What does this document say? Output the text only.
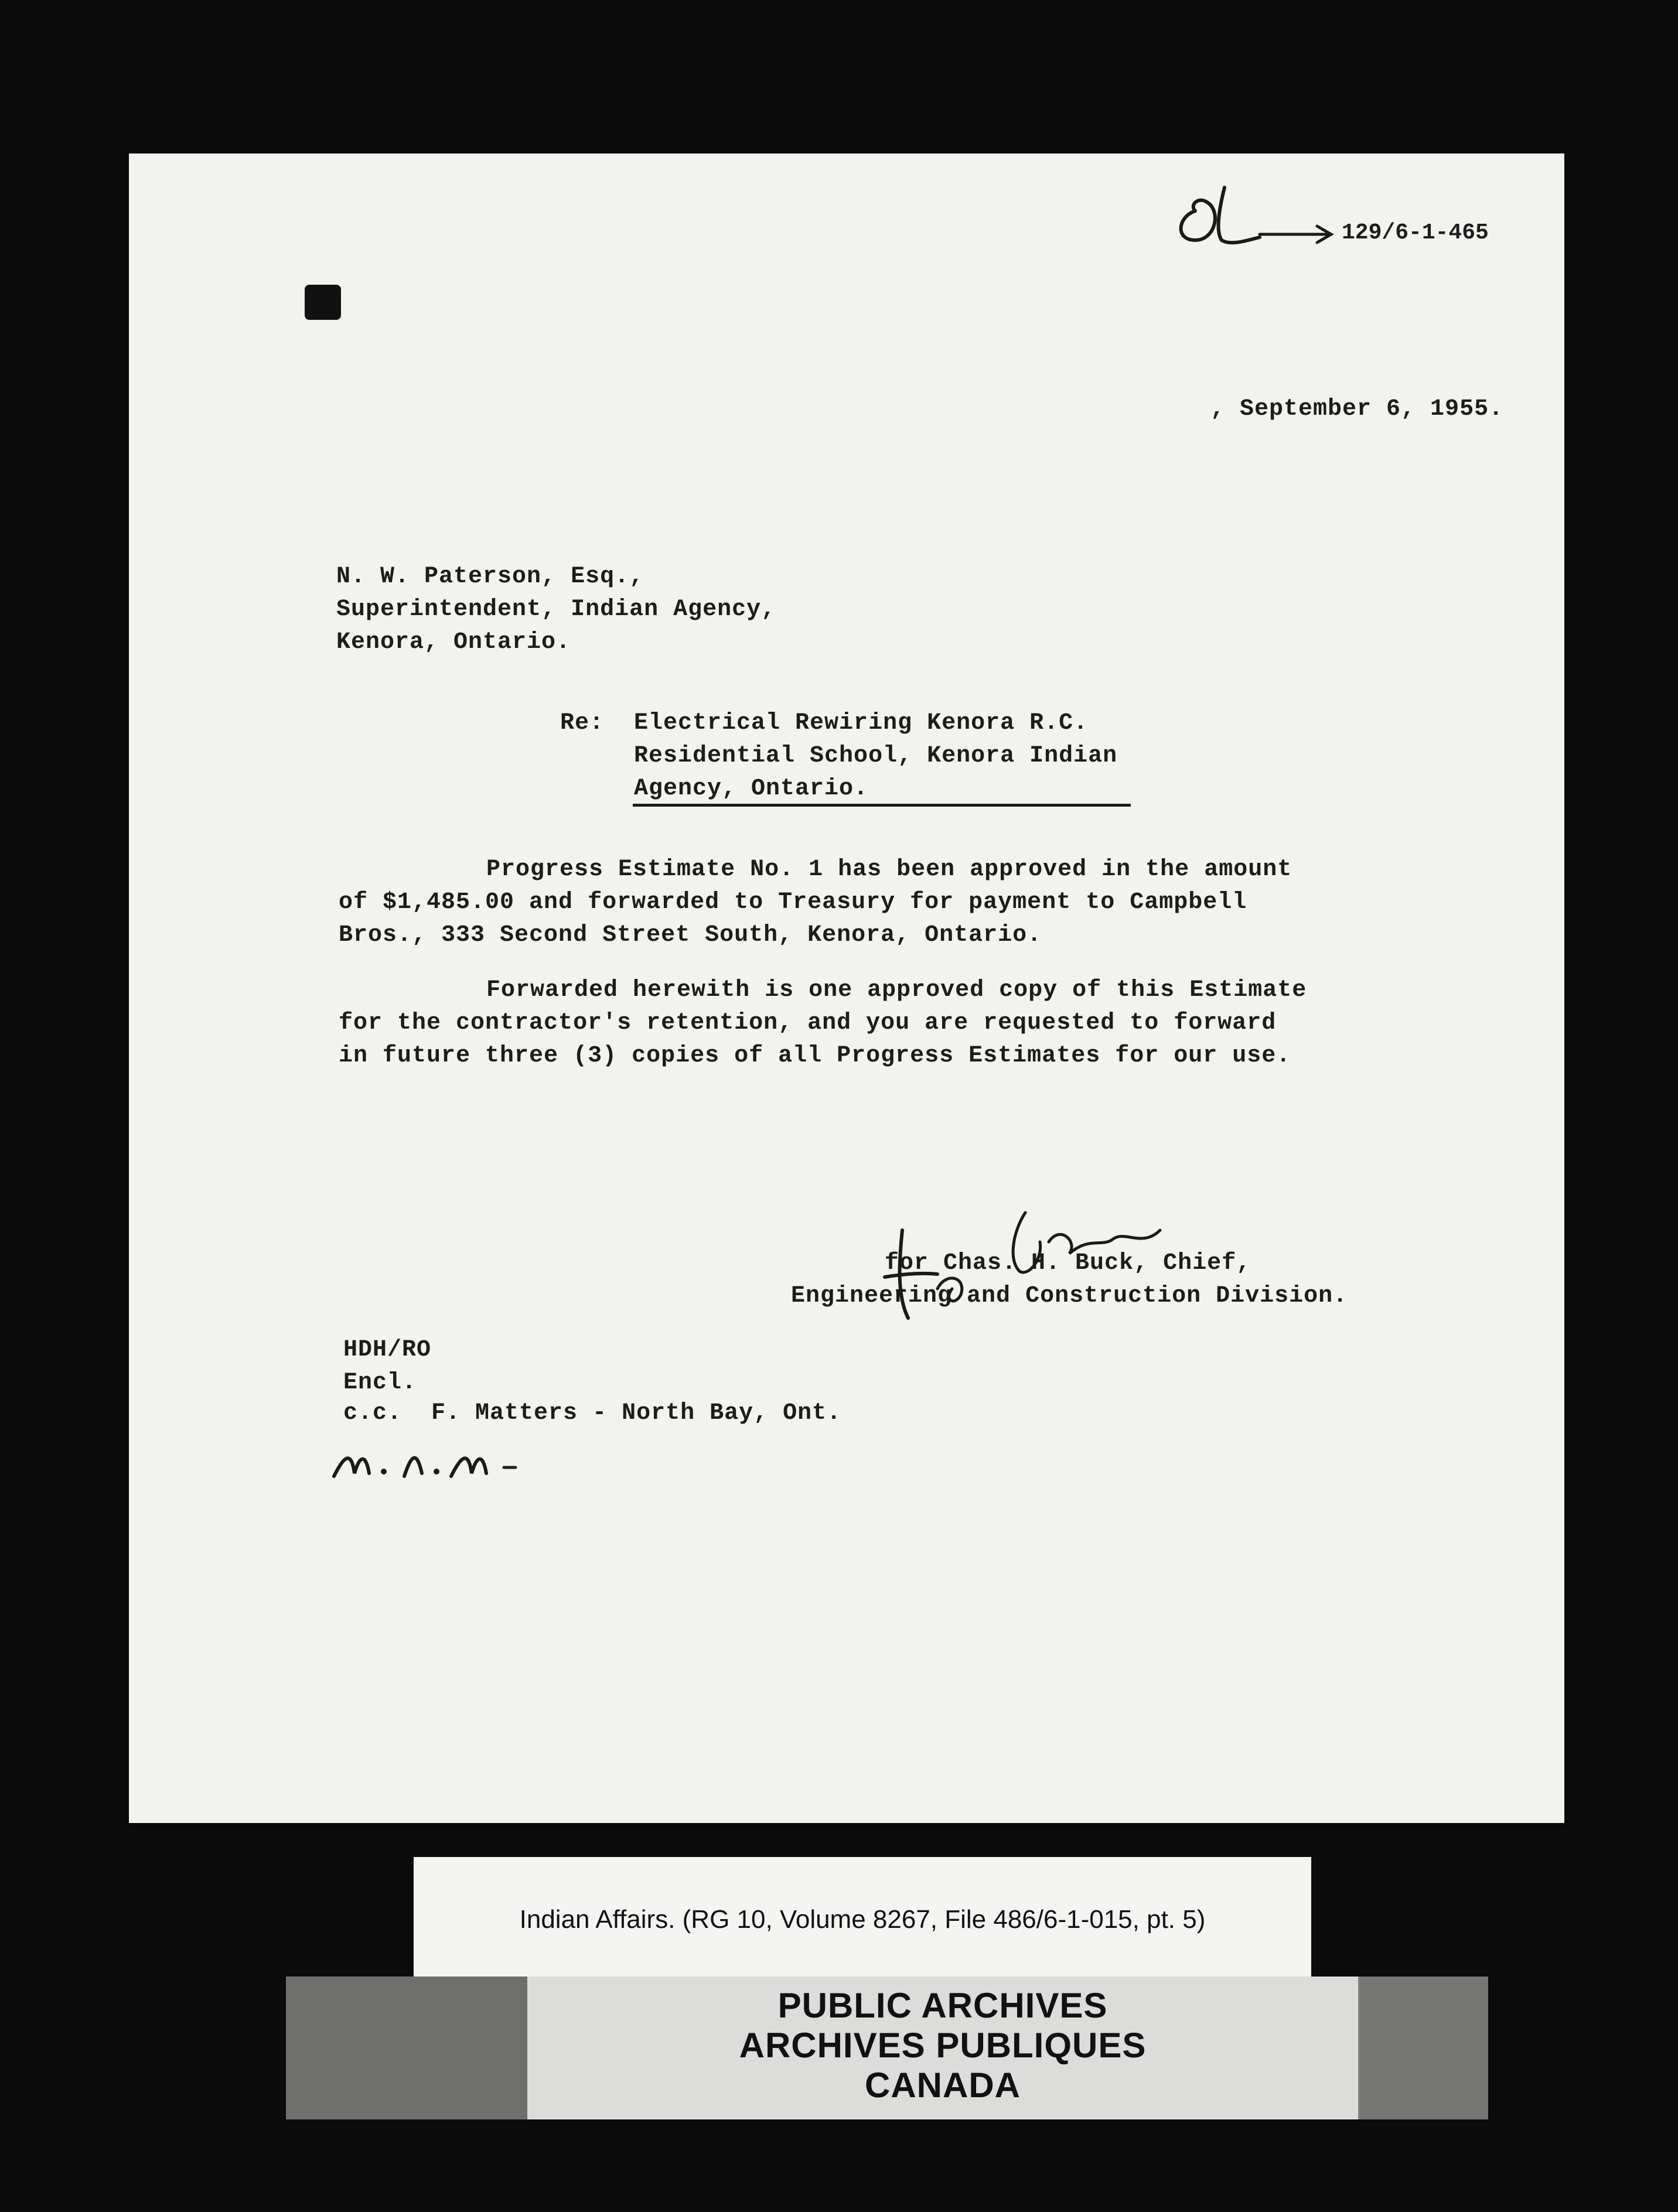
129/6-1-465
, September 6, 1955.
N. W. Paterson, Esq.,
Superintendent, Indian Agency,
Kenora, Ontario.
Re: Electrical Rewiring Kenora R.C.
Residential School, Kenora Indian
Agency, Ontario.
Progress Estimate No. 1 has been approved in the amount
of $1,485.00 and forwarded to Treasury for payment to Campbell
Bros., 333 Second Street South, Kenora, Ontario.
Forwarded herewith is one approved copy of this Estimate
for the contractor's retention, and you are requested to forward
in future three (3) copies of all Progress Estimates for our use.
for Chas. H. Buck, Chief,
Engineering and Construction Division.
HDH/RO
Encl.
c.c.  F. Matters - North Bay, Ont.
Indian Affairs. (RG 10, Volume 8267, File 486/6-1-015, pt. 5)
PUBLIC ARCHIVES
ARCHIVES PUBLIQUES
CANADA
